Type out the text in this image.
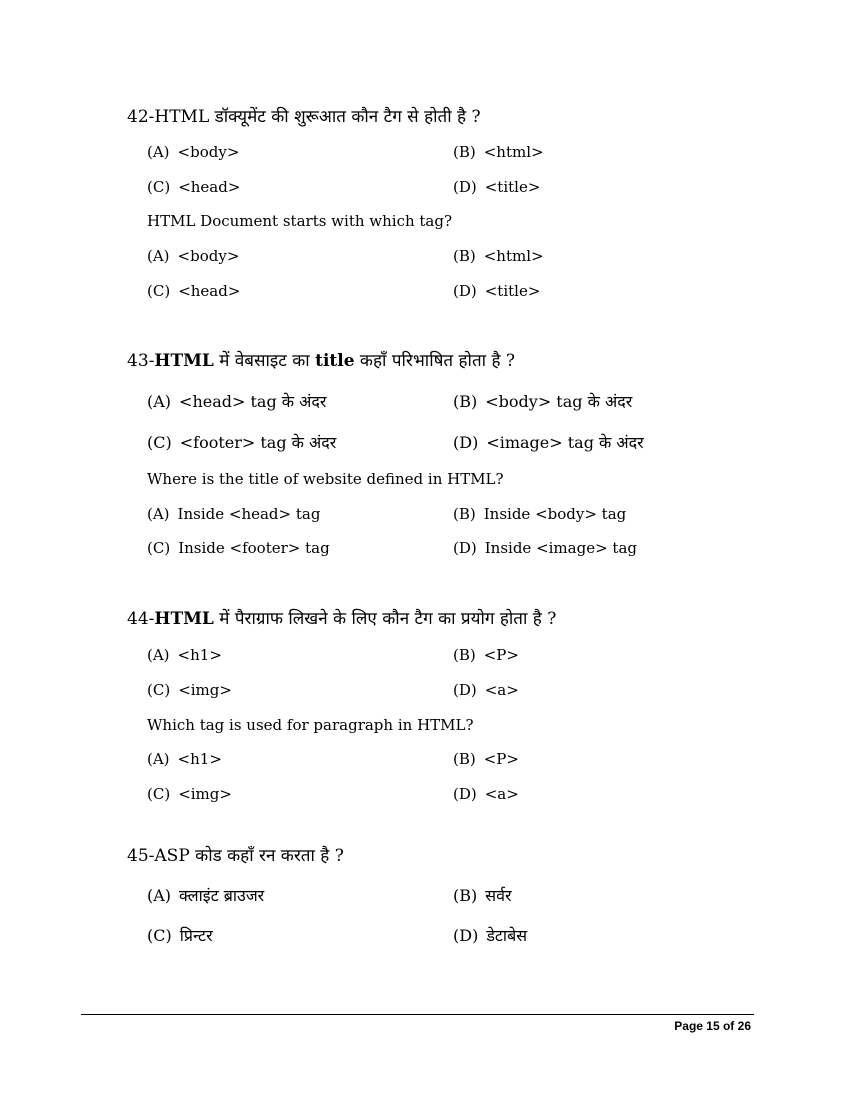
42-HTML डॉक्यूमेंट की शुरूआत कौन टैग से होती है ?
(A) <body>	(B) <html>
(C) <head>	(D) <title>
HTML Document starts with which tag?
(A) <body>	(B) <html>
(C) <head>	(D) <title>
43-HTML में वेबसाइट का title कहाँ परिभाषित होता है ?
(A) <head> tag के अंदर	(B) <body> tag के अंदर
(C) <footer> tag के अंदर	(D) <image> tag के अंदर
Where is the title of website defined in HTML?
(A) Inside <head> tag	(B) Inside <body> tag
(C) Inside <footer> tag	(D) Inside <image> tag
44-HTML में पैराग्राफ लिखने के लिए कौन टैग का प्रयोग होता है ?
(A) <h1>	(B) <P>
(C) <img>	(D) <a>
Which tag is used for paragraph in HTML?
(A) <h1>	(B) <P>
(C) <img>	(D) <a>
45-ASP कोड कहाँ रन करता है ?
(A) क्लाइंट ब्राउजर	(B) सर्वर
(C) प्रिन्टर	(D) डेटाबेस
Page 15 of 26
